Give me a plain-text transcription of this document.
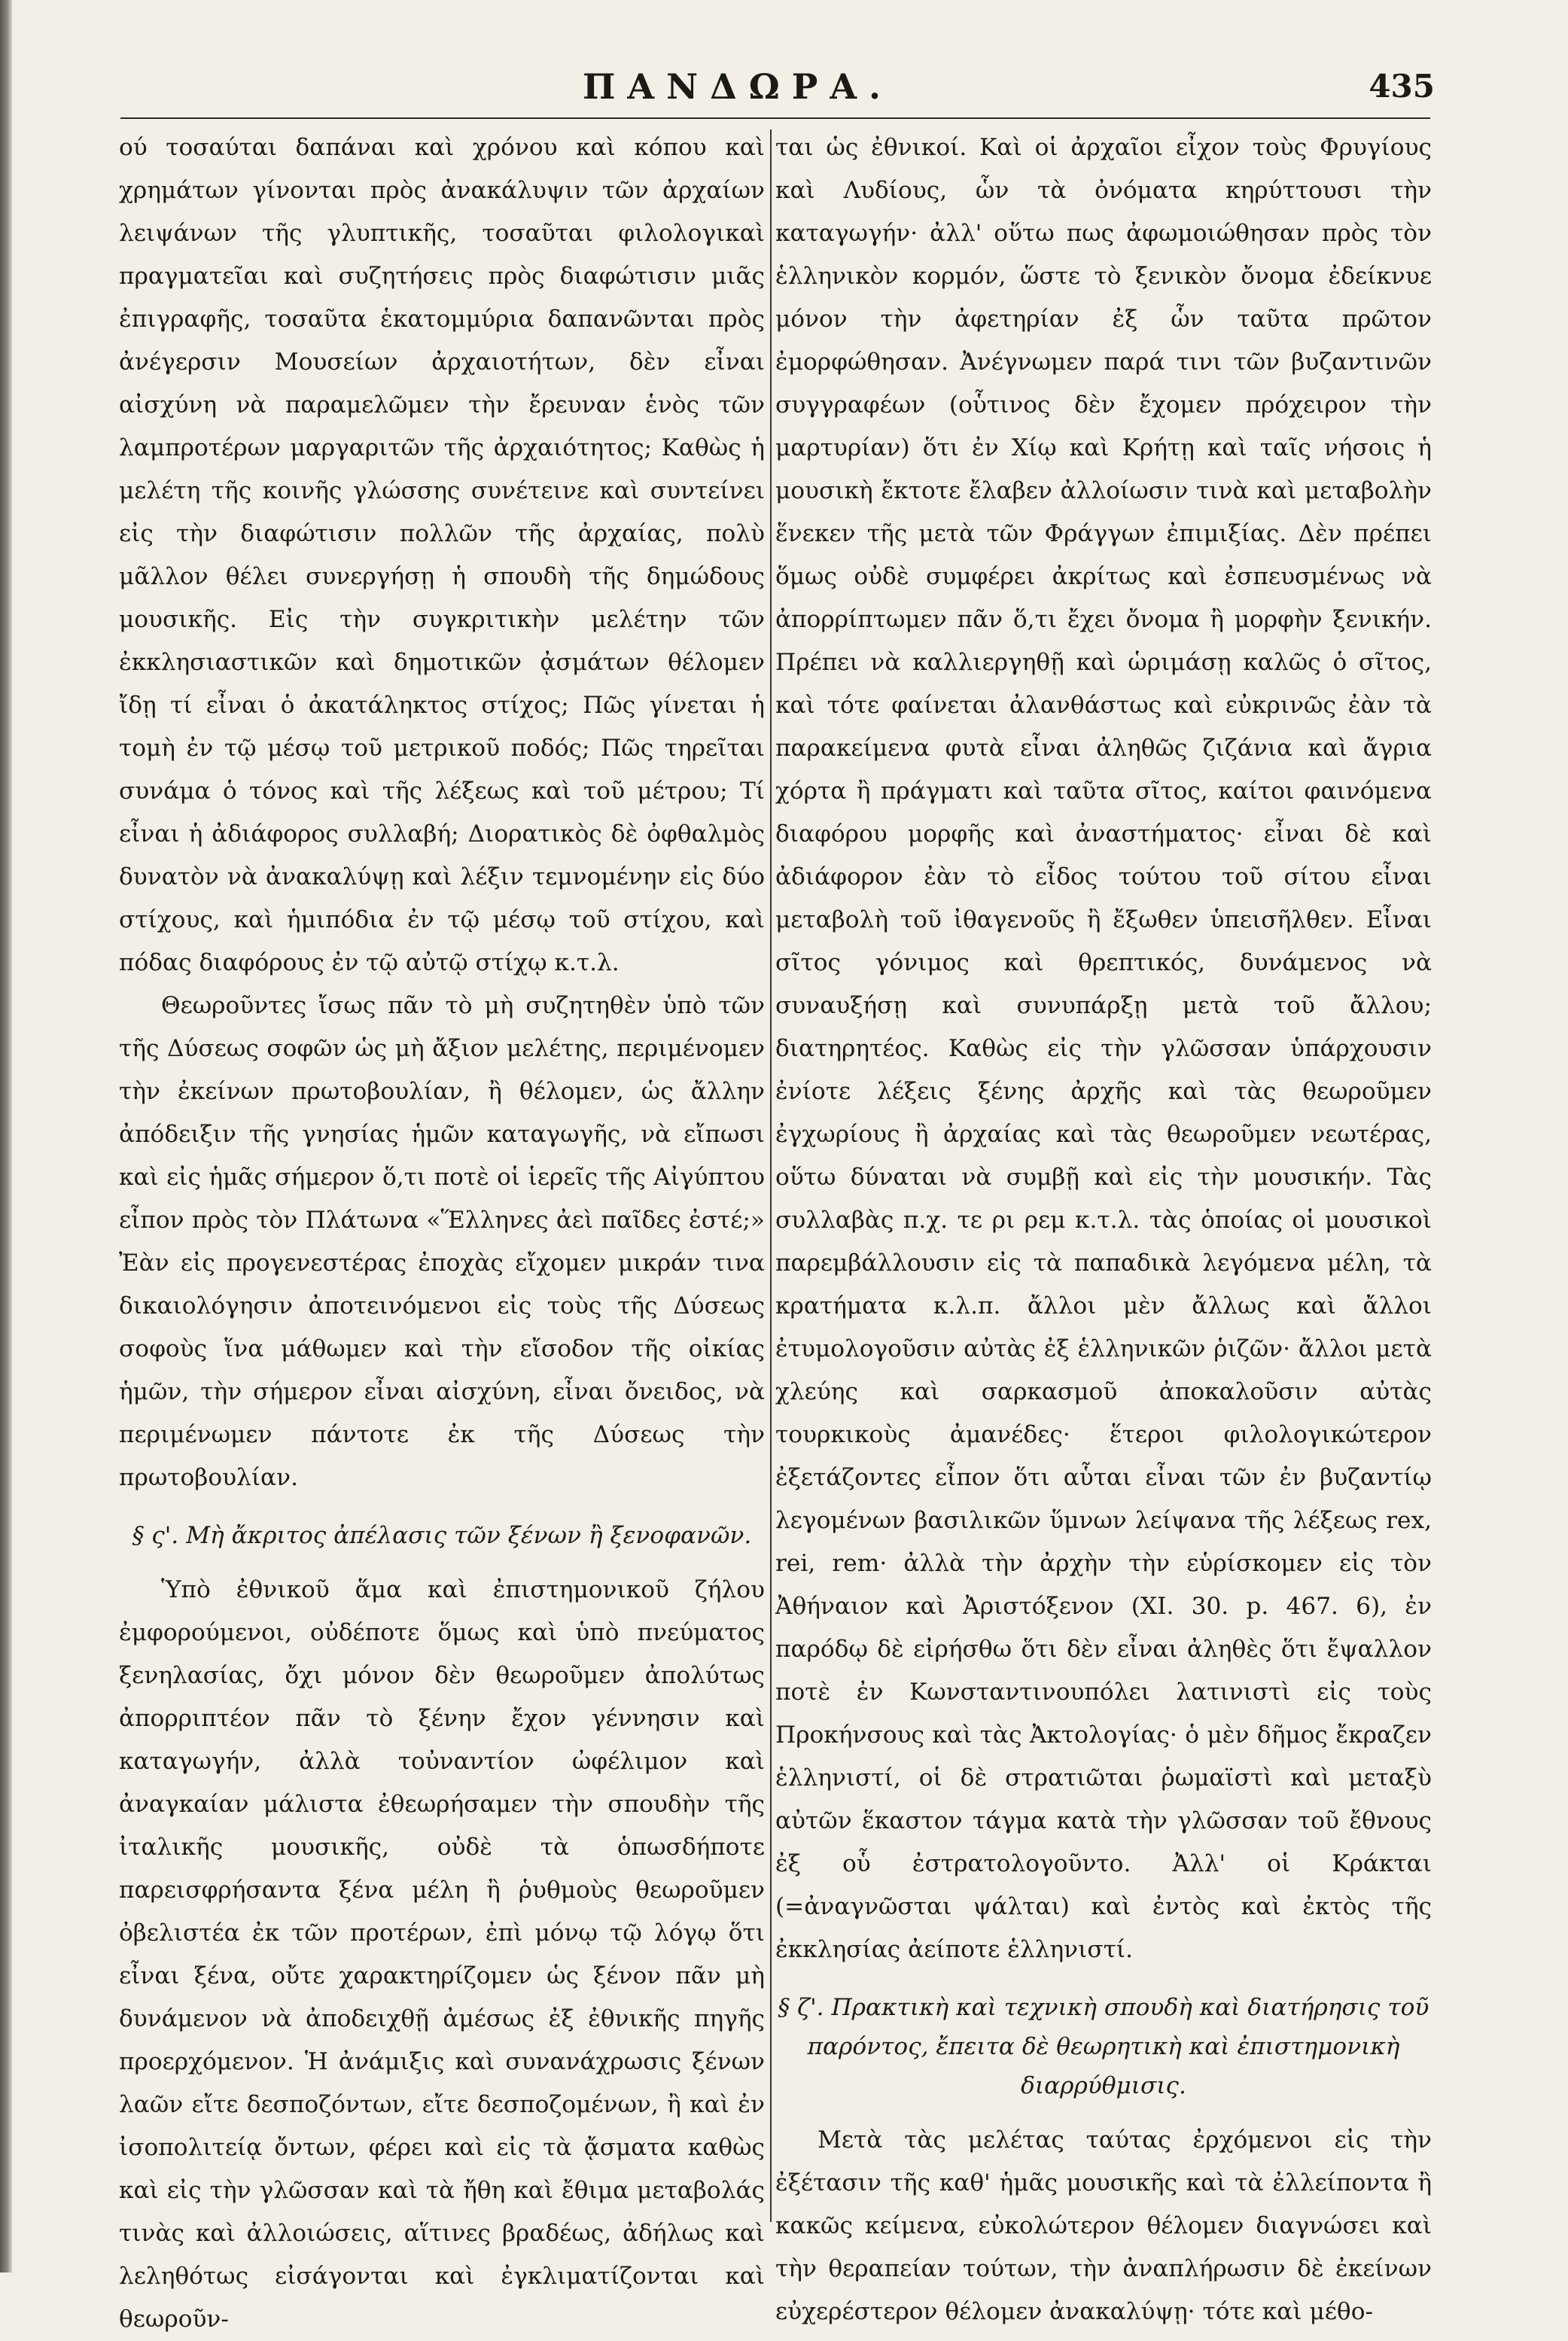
ΠΑΝΔΩΡΑ.	435

ού τοσαύται δαπάναι καὶ χρόνου καὶ κόπου καὶ χρημάτων γίνονται πρὸς ἀνακάλυψιν τῶν ἀρχαίων λειψάνων τῆς γλυπτικῆς, τοσαῦται φιλολογικαὶ πραγματεῖαι καὶ συζητήσεις πρὸς διαφώτισιν μιᾶς ἐπιγραφῆς, τοσαῦτα ἑκατομμύρια δαπανῶνται πρὸς ἀνέγερσιν Μουσείων ἀρχαιοτήτων, δὲν εἶναι αἰσχύνη νὰ παραμελῶμεν τὴν ἔρευναν ἑνὸς τῶν λαμπροτέρων μαργαριτῶν τῆς ἀρχαιότητος; Καθὼς ἡ μελέτη τῆς κοινῆς γλώσσης συνέτεινε καὶ συντείνει εἰς τὴν διαφώτισιν πολλῶν τῆς ἀρχαίας, πολὺ μᾶλλον θέλει συνεργήσῃ ἡ σπουδὴ τῆς δημώδους μουσικῆς. Εἰς τὴν συγκριτικὴν μελέτην τῶν ἐκκλησιαστικῶν καὶ δημοτικῶν ᾀσμάτων θέλομεν ἴδῃ τί εἶναι ὁ ἀκατάληκτος στίχος; Πῶς γίνεται ἡ τομὴ ἐν τῷ μέσῳ τοῦ μετρικοῦ ποδός; Πῶς τηρεῖται συνάμα ὁ τόνος καὶ τῆς λέξεως καὶ τοῦ μέτρου; Τί εἶναι ἡ ἀδιάφορος συλλαβή; Διορατικὸς δὲ ὀφθαλμὸς δυνατὸν νὰ ἀνακαλύψῃ καὶ λέξιν τεμνομένην εἰς δύο στίχους, καὶ ἡμιπόδια ἐν τῷ μέσῳ τοῦ στίχου, καὶ πόδας διαφόρους ἐν τῷ αὐτῷ στίχῳ κ.τ.λ.

Θεωροῦντες ἴσως πᾶν τὸ μὴ συζητηθὲν ὑπὸ τῶν τῆς Δύσεως σοφῶν ὡς μὴ ἄξιον μελέτης, περιμένομεν τὴν ἐκείνων πρωτοβουλίαν, ἢ θέλομεν, ὡς ἄλλην ἀπόδειξιν τῆς γνησίας ἡμῶν καταγωγῆς, νὰ εἴπωσι καὶ εἰς ἡμᾶς σήμερον ὅ,τι ποτὲ οἱ ἱερεῖς τῆς Αἰγύπτου εἶπον πρὸς τὸν Πλάτωνα «Ἕλληνες ἀεὶ παῖδες ἐστέ;» Ἐὰν εἰς προγενεστέρας ἐποχὰς εἴχομεν μικράν τινα δικαιολόγησιν ἀποτεινόμενοι εἰς τοὺς τῆς Δύσεως σοφοὺς ἵνα μάθωμεν καὶ τὴν εἴσοδον τῆς οἰκίας ἡμῶν, τὴν σήμερον εἶναι αἰσχύνη, εἶναι ὄνειδος, νὰ περιμένωμεν πάντοτε ἐκ τῆς Δύσεως τὴν πρωτοβουλίαν.

§ ς'. Μὴ ἄκριτος ἀπέλασις τῶν ξένων ἢ ξενοφανῶν.

Ὑπὸ ἐθνικοῦ ἅμα καὶ ἐπιστημονικοῦ ζήλου ἐμφορούμενοι, οὐδέποτε ὅμως καὶ ὑπὸ πνεύματος ξενηλασίας, ὄχι μόνον δὲν θεωροῦμεν ἀπολύτως ἀπορριπτέον πᾶν τὸ ξένην ἔχον γέννησιν καὶ καταγωγήν, ἀλλὰ τοὐναντίον ὠφέλιμον καὶ ἀναγκαίαν μάλιστα ἐθεωρήσαμεν τὴν σπουδὴν τῆς ἰταλικῆς μουσικῆς, οὐδὲ τὰ ὁπωσδήποτε παρεισφρήσαντα ξένα μέλη ἢ ῥυθμοὺς θεωροῦμεν ὀβελιστέα ἐκ τῶν προτέρων, ἐπὶ μόνῳ τῷ λόγῳ ὅτι εἶναι ξένα, οὔτε χαρακτηρίζομεν ὡς ξένον πᾶν μὴ δυνάμενον νὰ ἀποδειχθῇ ἀμέσως ἐξ ἐθνικῆς πηγῆς προερχόμενον. Ἡ ἀνάμιξις καὶ συνανάχρωσις ξένων λαῶν εἴτε δεσποζόντων, εἴτε δεσποζομένων, ἢ καὶ ἐν ἰσοπολιτείᾳ ὄντων, φέρει καὶ εἰς τὰ ᾄσματα καθὼς καὶ εἰς τὴν γλῶσσαν καὶ τὰ ἤθη καὶ ἔθιμα μεταβολάς τινὰς καὶ ἀλλοιώσεις, αἵτινες βραδέως, ἀδήλως καὶ λεληθότως εἰσάγονται καὶ ἐγκλιματίζονται καὶ θεωροῦν-

ται ὡς ἐθνικοί. Καὶ οἱ ἀρχαῖοι εἶχον τοὺς Φρυγίους καὶ Λυδίους, ὧν τὰ ὀνόματα κηρύττουσι τὴν καταγωγήν· ἀλλ' οὕτω πως ἀφωμοιώθησαν πρὸς τὸν ἑλληνικὸν κορμόν, ὥστε τὸ ξενικὸν ὄνομα ἐδείκνυε μόνον τὴν ἀφετηρίαν ἐξ ὧν ταῦτα πρῶτον ἐμορφώθησαν. Ἀνέγνωμεν παρά τινι τῶν βυζαντινῶν συγγραφέων (οὗτινος δὲν ἔχομεν πρόχειρον τὴν μαρτυρίαν) ὅτι ἐν Χίῳ καὶ Κρήτῃ καὶ ταῖς νήσοις ἡ μουσικὴ ἔκτοτε ἔλαβεν ἀλλοίωσιν τινὰ καὶ μεταβολὴν ἕνεκεν τῆς μετὰ τῶν Φράγγων ἐπιμιξίας. Δὲν πρέπει ὅμως οὐδὲ συμφέρει ἀκρίτως καὶ ἐσπευσμένως νὰ ἀπορρίπτωμεν πᾶν ὅ,τι ἔχει ὄνομα ἢ μορφὴν ξενικήν. Πρέπει νὰ καλλιεργηθῇ καὶ ὡριμάσῃ καλῶς ὁ σῖτος, καὶ τότε φαίνεται ἀλανθάστως καὶ εὐκρινῶς ἐὰν τὰ παρακείμενα φυτὰ εἶναι ἀληθῶς ζιζάνια καὶ ἄγρια χόρτα ἢ πράγματι καὶ ταῦτα σῖτος, καίτοι φαινόμενα διαφόρου μορφῆς καὶ ἀναστήματος· εἶναι δὲ καὶ ἀδιάφορον ἐὰν τὸ εἶδος τούτου τοῦ σίτου εἶναι μεταβολὴ τοῦ ἰθαγενοῦς ἢ ἔξωθεν ὑπεισῆλθεν. Εἶναι σῖτος γόνιμος καὶ θρεπτικός, δυνάμενος νὰ συναυξήσῃ καὶ συνυπάρξῃ μετὰ τοῦ ἄλλου; διατηρητέος. Καθὼς εἰς τὴν γλῶσσαν ὑπάρχουσιν ἐνίοτε λέξεις ξένης ἀρχῆς καὶ τὰς θεωροῦμεν ἐγχωρίους ἢ ἀρχαίας καὶ τὰς θεωροῦμεν νεωτέρας, οὕτω δύναται νὰ συμβῇ καὶ εἰς τὴν μουσικήν. Τὰς συλλαβὰς π.χ. τε ρι ρεμ κ.τ.λ. τὰς ὁποίας οἱ μουσικοὶ παρεμβάλλουσιν εἰς τὰ παπαδικὰ λεγόμενα μέλη, τὰ κρατήματα κ.λ.π. ἄλλοι μὲν ἄλλως καὶ ἄλλοι ἐτυμολογοῦσιν αὐτὰς ἐξ ἑλληνικῶν ῥιζῶν· ἄλλοι μετὰ χλεύης καὶ σαρκασμοῦ ἀποκαλοῦσιν αὐτὰς τουρκικοὺς ἀμανέδες· ἕτεροι φιλολογικώτερον ἐξετάζοντες εἶπον ὅτι αὗται εἶναι τῶν ἐν βυζαντίῳ λεγομένων βασιλικῶν ὕμνων λείψανα τῆς λέξεως rex, rei, rem· ἀλλὰ τὴν ἀρχὴν τὴν εὑρίσκομεν εἰς τὸν Ἀθήναιον καὶ Ἀριστόξενον (XI. 30. p. 467. 6), ἐν παρόδῳ δὲ εἰρήσθω ὅτι δὲν εἶναι ἀληθὲς ὅτι ἔψαλλον ποτὲ ἐν Κωνσταντινουπόλει λατινιστὶ εἰς τοὺς Προκήνσους καὶ τὰς Ἀκτολογίας· ὁ μὲν δῆμος ἔκραζεν ἑλληνιστί, οἱ δὲ στρατιῶται ῥωμαϊστὶ καὶ μεταξὺ αὐτῶν ἕκαστον τάγμα κατὰ τὴν γλῶσσαν τοῦ ἔθνους ἐξ οὗ ἐστρατολογοῦντο. Ἀλλ' οἱ Κράκται (=ἀναγνῶσται ψάλται) καὶ ἐντὸς καὶ ἐκτὸς τῆς ἐκκλησίας ἀείποτε ἑλληνιστί.

§ ζ'. Πρακτικὴ καὶ τεχνικὴ σπουδὴ καὶ διατήρησις τοῦ παρόντος, ἔπειτα δὲ θεωρητικὴ καὶ ἐπιστημονικὴ διαρρύθμισις.

Μετὰ τὰς μελέτας ταύτας ἐρχόμενοι εἰς τὴν ἐξέτασιν τῆς καθ' ἡμᾶς μουσικῆς καὶ τὰ ἐλλείποντα ἢ κακῶς κείμενα, εὐκολώτερον θέλομεν διαγνώσει καὶ τὴν θεραπείαν τούτων, τὴν ἀναπλήρωσιν δὲ ἐκείνων εὐχερέστερον θέλομεν ἀνακαλύψῃ· τότε καὶ μέθο-
